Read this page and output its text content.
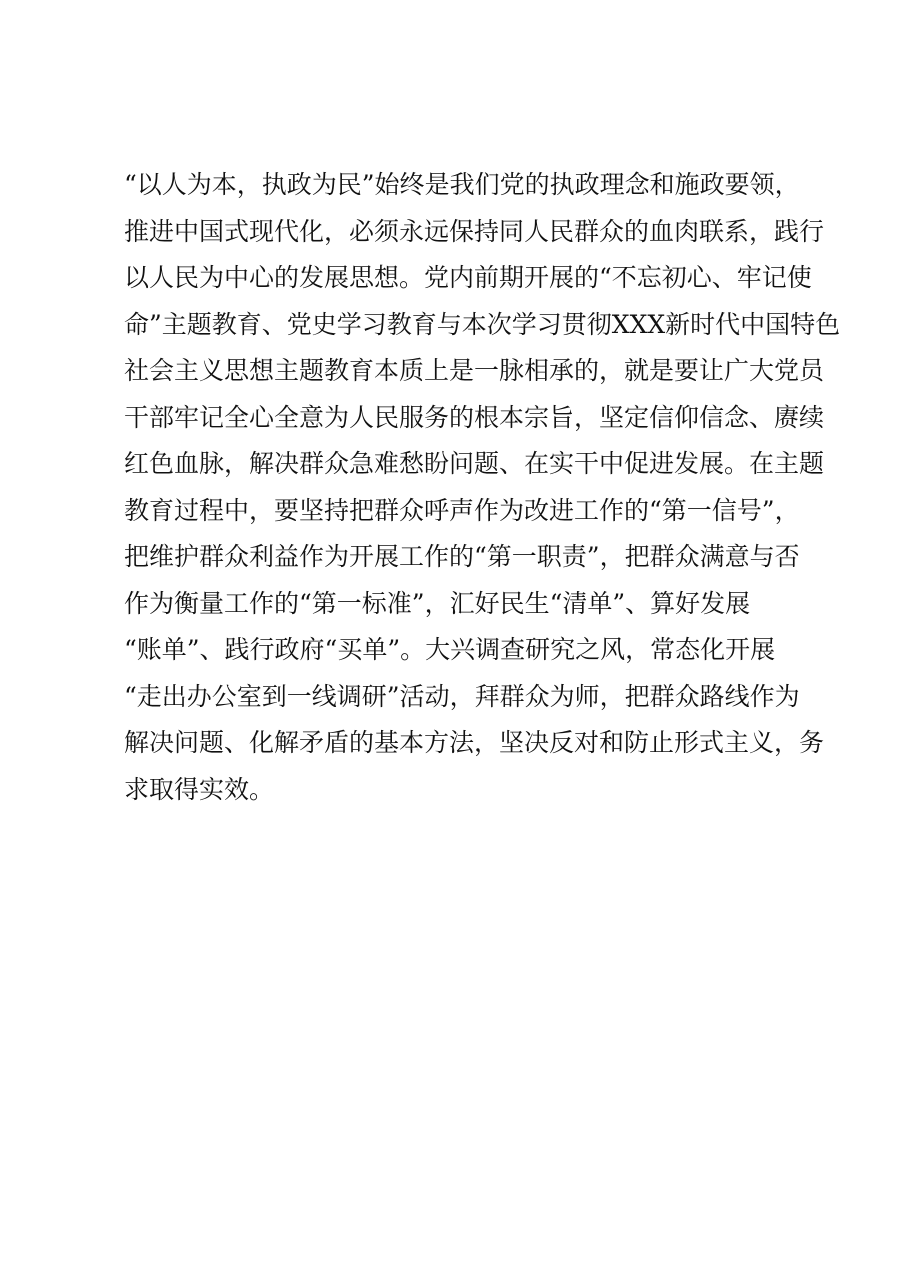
“以人为本，执政为民”始终是我们党的执政理念和施政要领，
推进中国式现代化，必须永远保持同人民群众的血肉联系，践行
以人民为中心的发展思想。党内前期开展的“不忘初心、牢记使
命”主题教育、党史学习教育与本次学习贯彻XXX新时代中国特色
社会主义思想主题教育本质上是一脉相承的，就是要让广大党员
干部牢记全心全意为人民服务的根本宗旨，坚定信仰信念、赓续
红色血脉，解决群众急难愁盼问题、在实干中促进发展。在主题
教育过程中，要坚持把群众呼声作为改进工作的“第一信号”，
把维护群众利益作为开展工作的“第一职责”，把群众满意与否
作为衡量工作的“第一标准”，汇好民生“清单”、算好发展
“账单”、践行政府“买单”。大兴调查研究之风，常态化开展
“走出办公室到一线调研”活动，拜群众为师，把群众路线作为
解决问题、化解矛盾的基本方法，坚决反对和防止形式主义，务
求取得实效。
